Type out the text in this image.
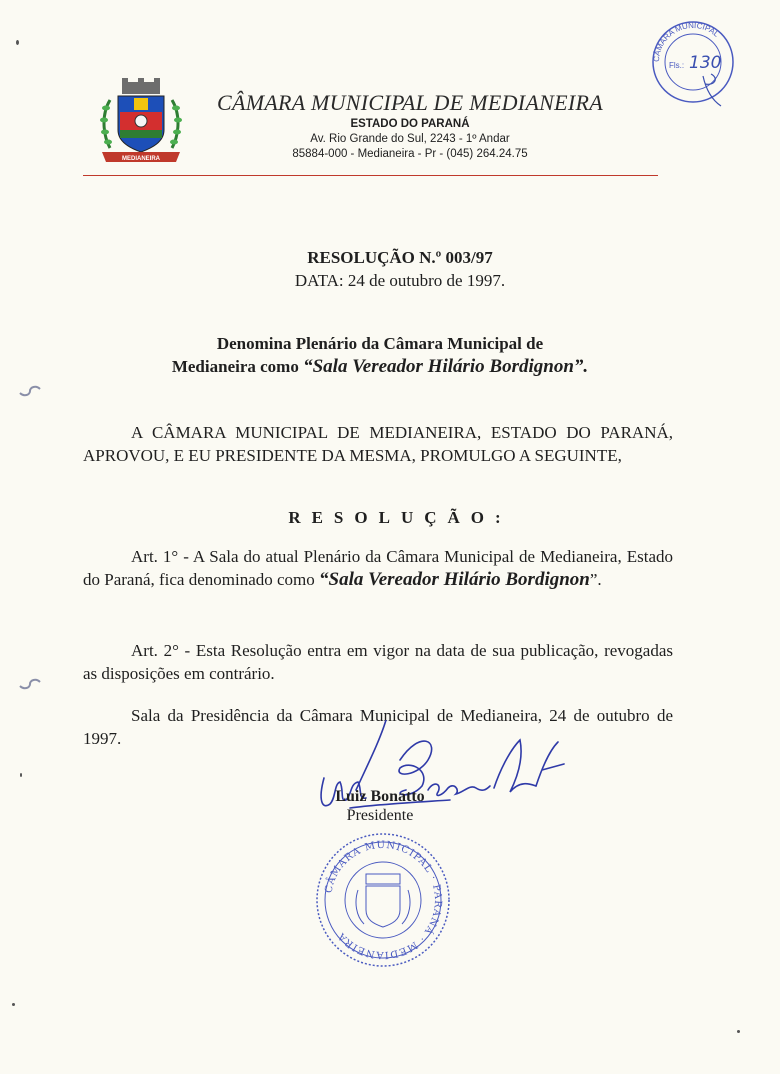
MEDIANEIRA
CÂMARA MUNICIPAL DE MEDIANEIRA
ESTADO DO PARANÁ
Av. Rio Grande do Sul, 2243 - 1º Andar
85884-000 - Medianeira - Pr - (045) 264.24.75
CÂMARA MUNICIPAL
Fls.: 130
RESOLUÇÃO N.º 003/97
DATA: 24 de outubro de 1997.
Denomina Plenário da Câmara Municipal de
Medianeira como “Sala Vereador Hilário Bordignon”.
A CÂMARA MUNICIPAL DE MEDIANEIRA, ESTADO DO PARANÁ, APROVOU, E EU PRESIDENTE DA MESMA, PROMULGO A SEGUINTE,
RESOLUÇÃO:
Art. 1° - A Sala do atual Plenário da Câmara Municipal de Medianeira, Estado do Paraná, fica denominado como “Sala Vereador Hilário Bordignon”.
Art. 2° - Esta Resolução entra em vigor na data de sua publicação, revogadas as disposições em contrário.
Sala da Presidência da Câmara Municipal de Medianeira, 24 de outubro de 1997.
Luiz Bonatto
Presidente
CÂMARA MUNICIPAL · PARANÁ · MEDIANEIRA
